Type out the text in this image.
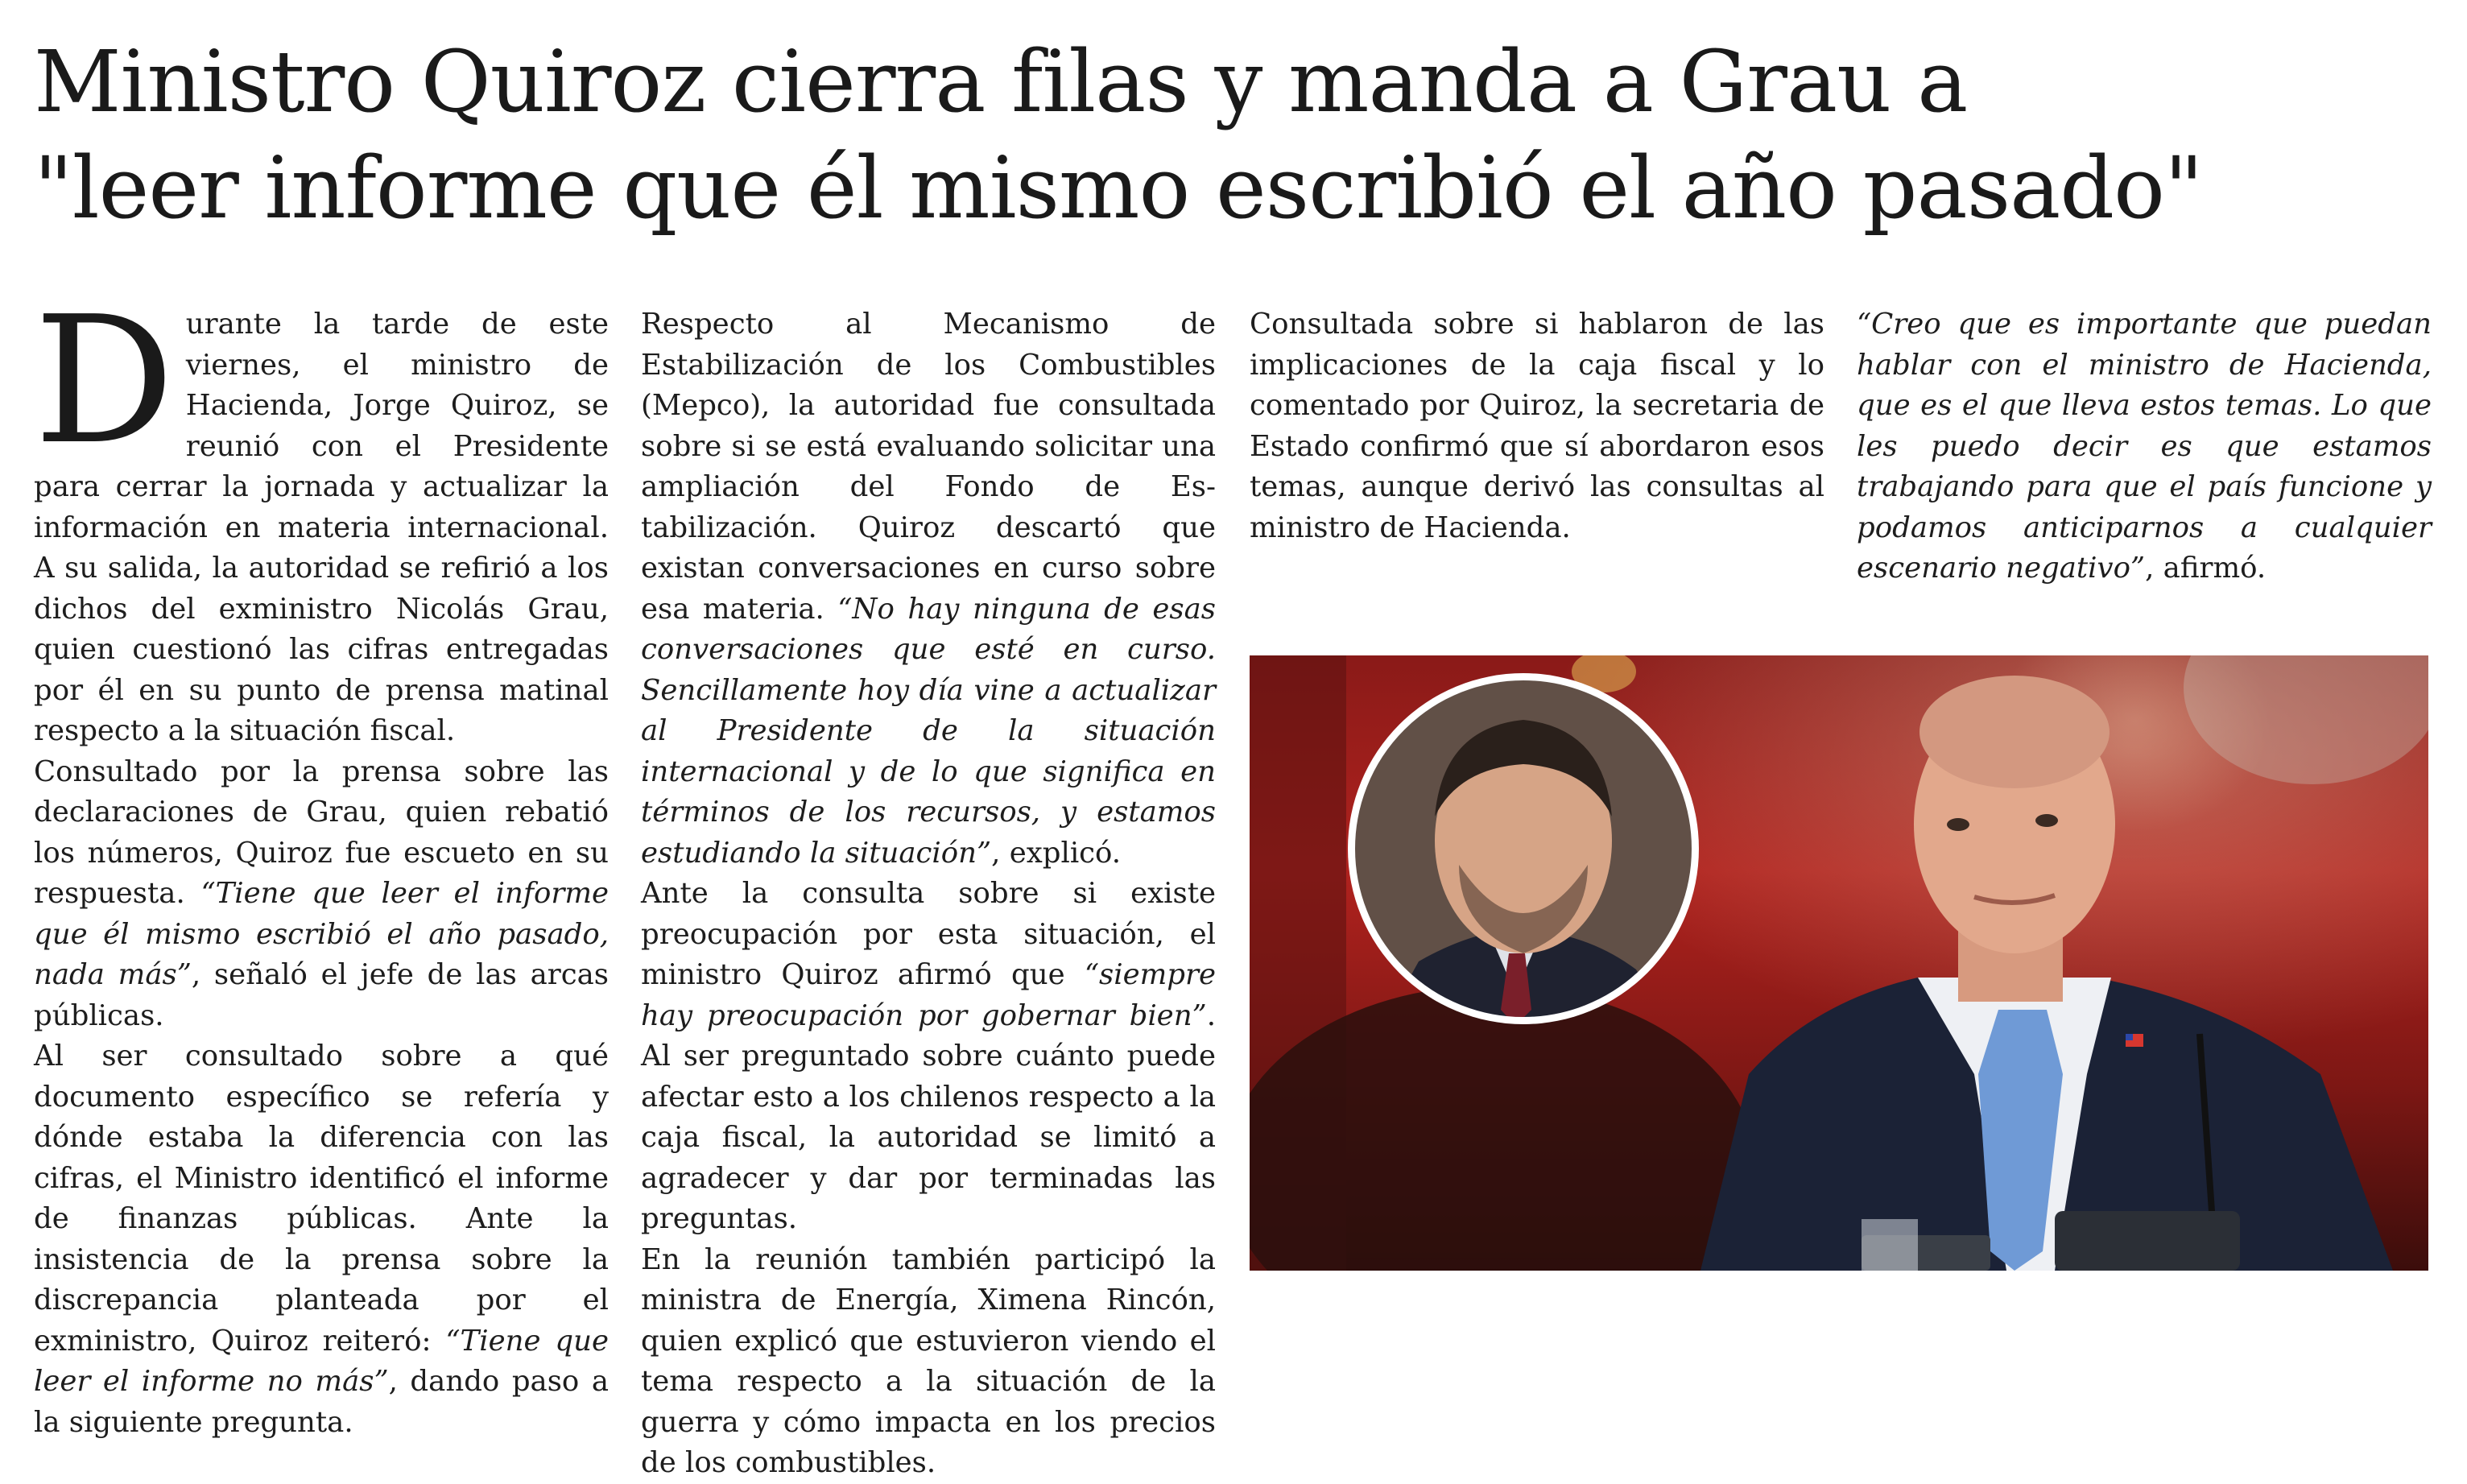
Ministro Quiroz cierra filas y manda a Grau a
"leer informe que él mismo escribió el año pasado"

Durante la tarde de este viernes, el ministro de Hacienda, Jorge Quiroz, se reunió con el Presidente para cerrar la jornada y actualizar la información en materia internacional. A su salida, la autoridad se refirió a los dichos del exministro Nicolás Grau, quien cuestionó las cifras entregadas por él en su punto de prensa matinal respecto a la situación fiscal.

Consultado por la prensa sobre las declaraciones de Grau, quien rebatió los números, Quiroz fue escueto en su respuesta. “Tiene que leer el informe que él mismo escribió el año pasado, nada más”, señaló el jefe de las arcas públicas.

Al ser consultado sobre a qué documento específico se refería y dónde estaba la diferencia con las cifras, el Ministro identificó el informe de finanzas públicas. Ante la insistencia de la prensa sobre la discrepancia planteada por el exministro, Quiroz reiteró: “Tiene que leer el informe no más”, dando paso a la siguiente pregunta.

Respecto al Mecanismo de Estabilización de los Combustibles (Mepco), la autoridad fue consultada sobre si se está evaluando solicitar una ampliación del Fondo de Estabilización. Quiroz descartó que existan conversaciones en curso sobre esa materia. “No hay ninguna de esas conversaciones que esté en curso. Sencillamente hoy día vine a actualizar al Presidente de la situación internacional y de lo que significa en términos de los recursos, y estamos estudiando la situación”, explicó.

Ante la consulta sobre si existe preocupación por esta situación, el ministro Quiroz afirmó que “siempre hay preocupación por gobernar bien”. Al ser preguntado sobre cuánto puede afectar esto a los chilenos respecto a la caja fiscal, la autoridad se limitó a agradecer y dar por terminadas las preguntas.

En la reunión también participó la ministra de Energía, Ximena Rincón, quien explicó que estuvieron viendo el tema respecto a la situación de la guerra y cómo impacta en los precios de los combustibles.

Consultada sobre si hablaron de las implicaciones de la caja fiscal y lo comentado por Quiroz, la secretaria de Estado confirmó que sí abordaron esos temas, aunque derivó las consultas al ministro de Hacienda.

“Creo que es importante que puedan hablar con el ministro de Hacienda, que es el que lleva estos temas. Lo que les puedo decir es que estamos trabajando para que el país funcione y podamos anticiparnos a cualquier escenario negativo”, afirmó.
